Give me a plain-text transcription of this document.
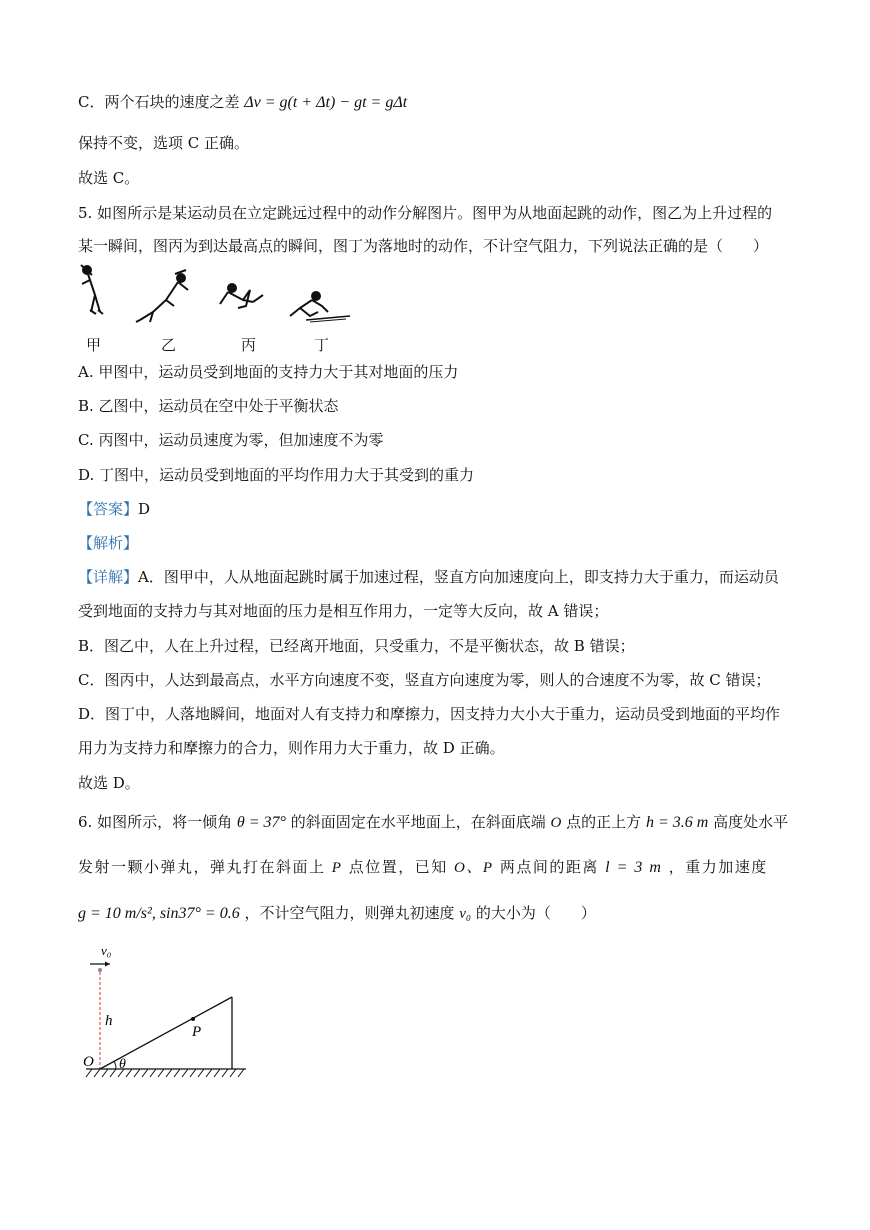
C．两个石块的速度之差 Δv = g(t + Δt) − gt = gΔt
保持不变，选项 C 正确。
故选 C。
5. 如图所示是某运动员在立定跳远过程中的动作分解图片。图甲为从地面起跳的动作，图乙为上升过程的
某一瞬间，图丙为到达最高点的瞬间，图丁为落地时的动作，不计空气阻力，下列说法正确的是（　　）
甲	乙	丙	丁
A. 甲图中，运动员受到地面的支持力大于其对地面的压力
B. 乙图中，运动员在空中处于平衡状态
C. 丙图中，运动员速度为零，但加速度不为零
D. 丁图中，运动员受到地面的平均作用力大于其受到的重力
【答案】D
【解析】
【详解】A．图甲中，人从地面起跳时属于加速过程，竖直方向加速度向上，即支持力大于重力，而运动员
受到地面的支持力与其对地面的压力是相互作用力，一定等大反向，故 A 错误；
B．图乙中，人在上升过程，已经离开地面，只受重力，不是平衡状态，故 B 错误；
C．图丙中，人达到最高点，水平方向速度不变，竖直方向速度为零，则人的合速度不为零，故 C 错误；
D．图丁中，人落地瞬间，地面对人有支持力和摩擦力，因支持力大小大于重力，运动员受到地面的平均作
用力为支持力和摩擦力的合力，则作用力大于重力，故 D 正确。
故选 D。
6. 如图所示，将一倾角 θ = 37° 的斜面固定在水平地面上，在斜面底端 O 点的正上方 h = 3.6 m 高度处水平
发射一颗小弹丸，弹丸打在斜面上 P 点位置，已知 O、P 两点间的距离 l = 3 m ，重力加速度
g = 10 m/s², sin37° = 0.6 ，不计空气阻力，则弹丸初速度 v₀ 的大小为（　　）
v₀
h
P
O θ
